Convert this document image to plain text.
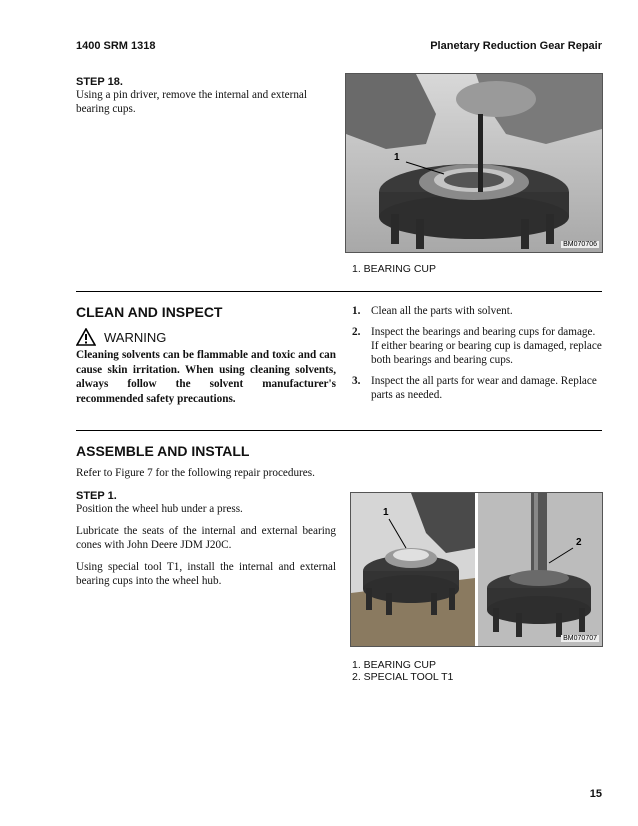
1400 SRM 1318	Planetary Reduction Gear Repair
STEP 18.
Using a pin driver, remove the internal and external bearing cups.
1
BM070706
1. BEARING CUP
CLEAN AND INSPECT
WARNING
Cleaning solvents can be flammable and toxic and can cause skin irritation. When using cleaning solvents, always follow the solvent manufacturer's recommended safety precautions.
1. Clean all the parts with solvent.
2. Inspect the bearings and bearing cups for damage. If either bearing or bearing cup is damaged, replace both bearings and bearing cups.
3. Inspect the all parts for wear and damage. Replace parts as needed.
ASSEMBLE AND INSTALL
Refer to Figure 7 for the following repair procedures.
STEP 1.
Position the wheel hub under a press.
Lubricate the seats of the internal and external bearing cones with John Deere JDM J20C.
Using special tool T1, install the internal and external bearing cups into the wheel hub.
1
2
BM070707
1. BEARING CUP
2. SPECIAL TOOL T1
15
